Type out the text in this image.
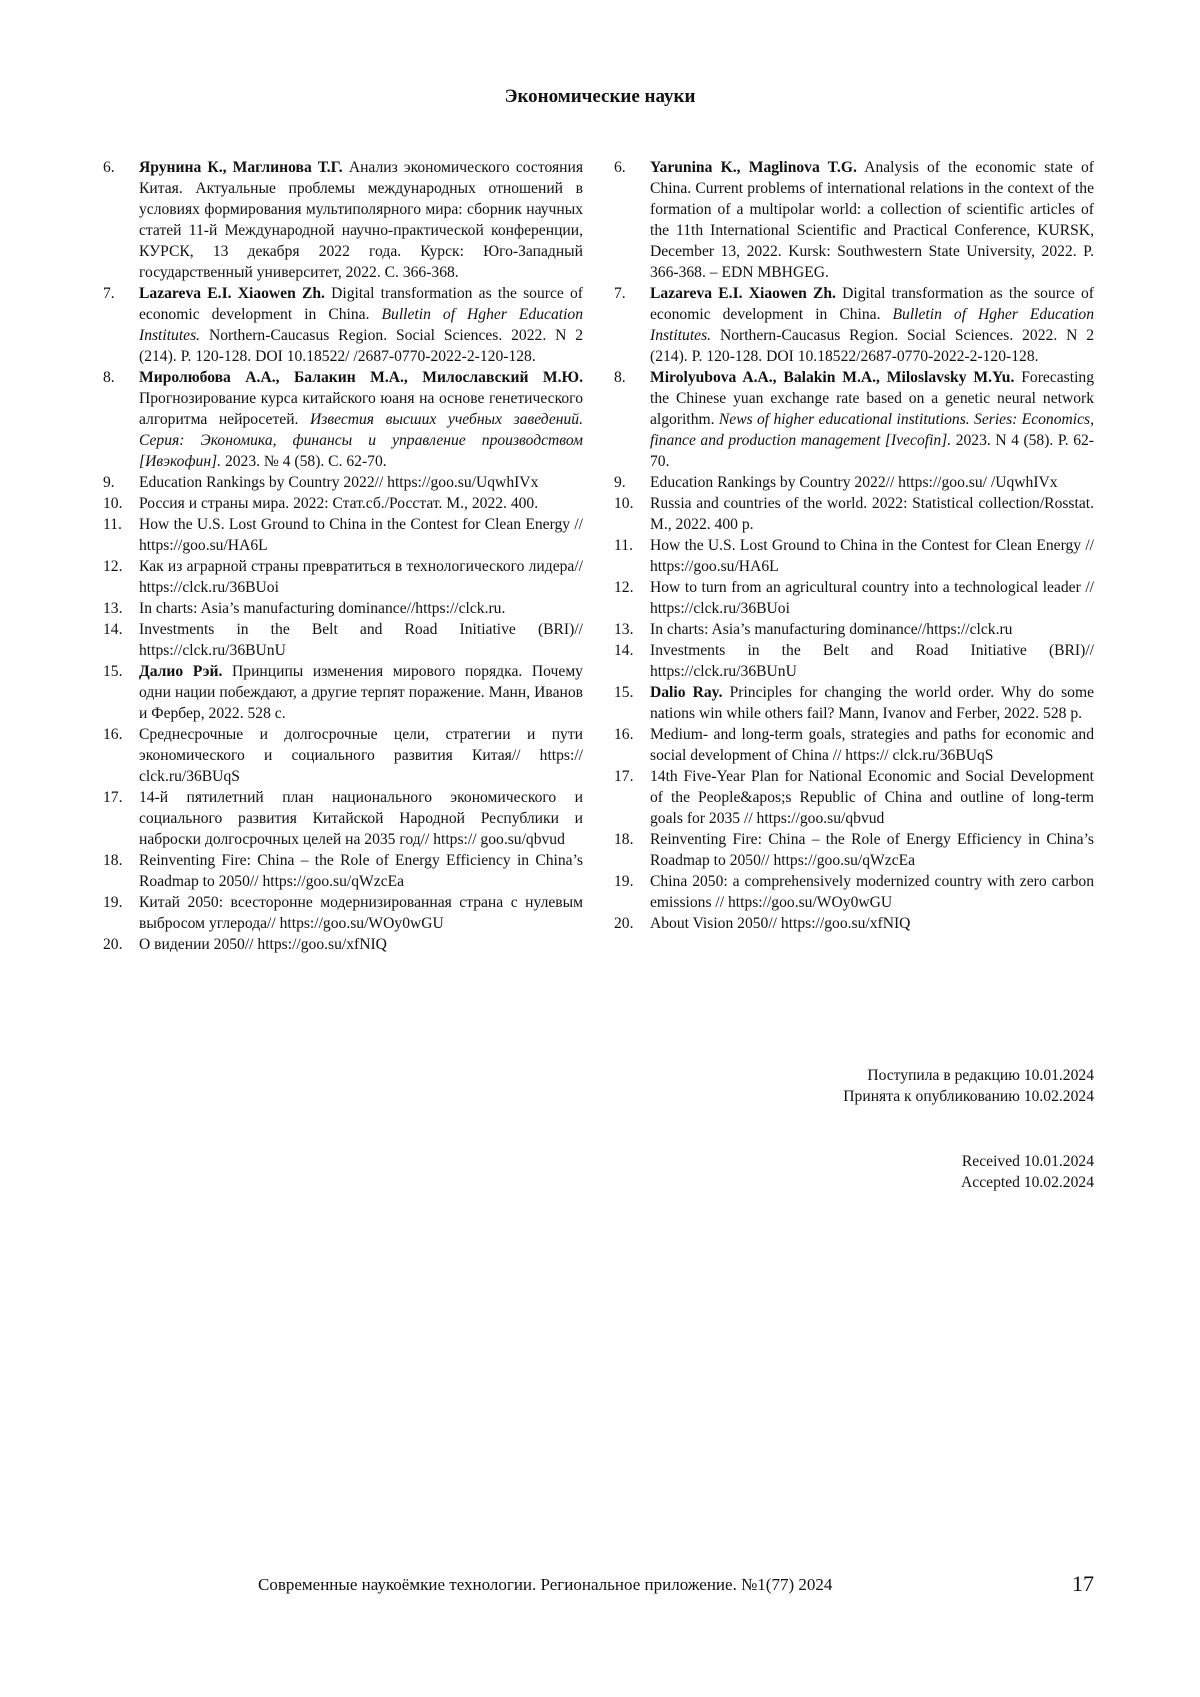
Экономические науки
6.	Ярунина К., Маглинова Т.Г. Анализ экономического состояния Китая. Актуальные проблемы международных отношений в условиях формирования мультиполярного мира: сборник научных статей 11-й Международной научно-практической конференции, КУРСК, 13 декабря 2022 года. Курск: Юго-Западный государственный университет, 2022. С. 366-368.
7.	Lazareva E.I. Xiaowen Zh. Digital transformation as the source of economic development in China. Bulletin of Hgher Education Institutes. Northern-Caucasus Region. Social Sciences. 2022. N 2 (214). P. 120-128. DOI 10.18522/ /2687-0770-2022-2-120-128.
8.	Миролюбова А.А., Балакин М.А., Милославский М.Ю. Прогнозирование курса китайского юаня на основе генетического алгоритма нейросетей. Известия высших учебных заведений. Серия: Экономика, финансы и управление производством [Ивэкофин]. 2023. № 4 (58). С. 62-70.
9.	Education Rankings by Country 2022// https://goo.su/UqwhIVx
10.	Россия и страны мира. 2022: Стат.сб./Росстат. М., 2022. 400.
11.	How the U.S. Lost Ground to China in the Contest for Clean Energy // https://goo.su/HA6L
12.	Как из аграрной страны превратиться в технологического лидера// https://clck.ru/36BUoi
13.	In charts: Asia’s manufacturing dominance//https://clck.ru.
14.	Investments in the Belt and Road Initiative (BRI)// https://clck.ru/36BUnU
15.	Далио Рэй. Принципы изменения мирового порядка. Почему одни нации побеждают, а другие терпят поражение. Манн, Иванов и Фербер, 2022. 528 с.
16.	Среднесрочные и долгосрочные цели, стратегии и пути экономического и социального развития Китая// https:// clck.ru/36BUqS
17.	14-й пятилетний план национального экономического и социального развития Китайской Народной Республики и наброски долгосрочных целей на 2035 год// https:// goo.su/qbvud
18.	Reinventing Fire: China – the Role of Energy Efficiency in China’s Roadmap to 2050// https://goo.su/qWzcEa
19.	Китай 2050: всесторонне модернизированная страна с нулевым выбросом углерода// https://goo.su/WOy0wGU
20.	О видении 2050// https://goo.su/xfNIQ
6.	Yarunina K., Maglinova T.G. Analysis of the economic state of China. Current problems of international relations in the context of the formation of a multipolar world: a collection of scientific articles of the 11th International Scientific and Practical Conference, KURSK, December 13, 2022. Kursk: Southwestern State University, 2022. P. 366-368. – EDN MBHGEG.
7.	Lazareva E.I. Xiaowen Zh. Digital transformation as the source of economic development in China. Bulletin of Hgher Education Institutes. Northern-Caucasus Region. Social Sciences. 2022. N 2 (214). P. 120-128. DOI 10.18522/2687-0770-2022-2-120-128.
8.	Mirolyubova A.A., Balakin M.A., Miloslavsky M.Yu. Forecasting the Chinese yuan exchange rate based on a genetic neural network algorithm. News of higher educational institutions. Series: Economics, finance and production management [Ivecofin]. 2023. N 4 (58). P. 62-70.
9.	Education Rankings by Country 2022// https://goo.su/ /UqwhIVx
10.	Russia and countries of the world. 2022: Statistical collection/Rosstat. M., 2022. 400 p.
11.	How the U.S. Lost Ground to China in the Contest for Clean Energy // https://goo.su/HA6L
12.	How to turn from an agricultural country into a technological leader // https://clck.ru/36BUoi
13.	In charts: Asia’s manufacturing dominance//https://clck.ru
14.	Investments in the Belt and Road Initiative (BRI)// https://clck.ru/36BUnU
15.	Dalio Ray. Principles for changing the world order. Why do some nations win while others fail? Mann, Ivanov and Ferber, 2022. 528 p.
16.	Medium- and long-term goals, strategies and paths for economic and social development of China // https:// clck.ru/36BUqS
17.	14th Five-Year Plan for National Economic and Social Development of the People&apos;s Republic of China and outline of long-term goals for 2035 // https://goo.su/qbvud
18.	Reinventing Fire: China – the Role of Energy Efficiency in China’s Roadmap to 2050// https://goo.su/qWzcEa
19.	China 2050: a comprehensively modernized country with zero carbon emissions // https://goo.su/WOy0wGU
20.	About Vision 2050// https://goo.su/xfNIQ
Поступила в редакцию 10.01.2024
Принята к опубликованию 10.02.2024
Received 10.01.2024
Accepted 10.02.2024
Современные наукоёмкие технологии. Региональное приложение. №1(77) 2024	17
